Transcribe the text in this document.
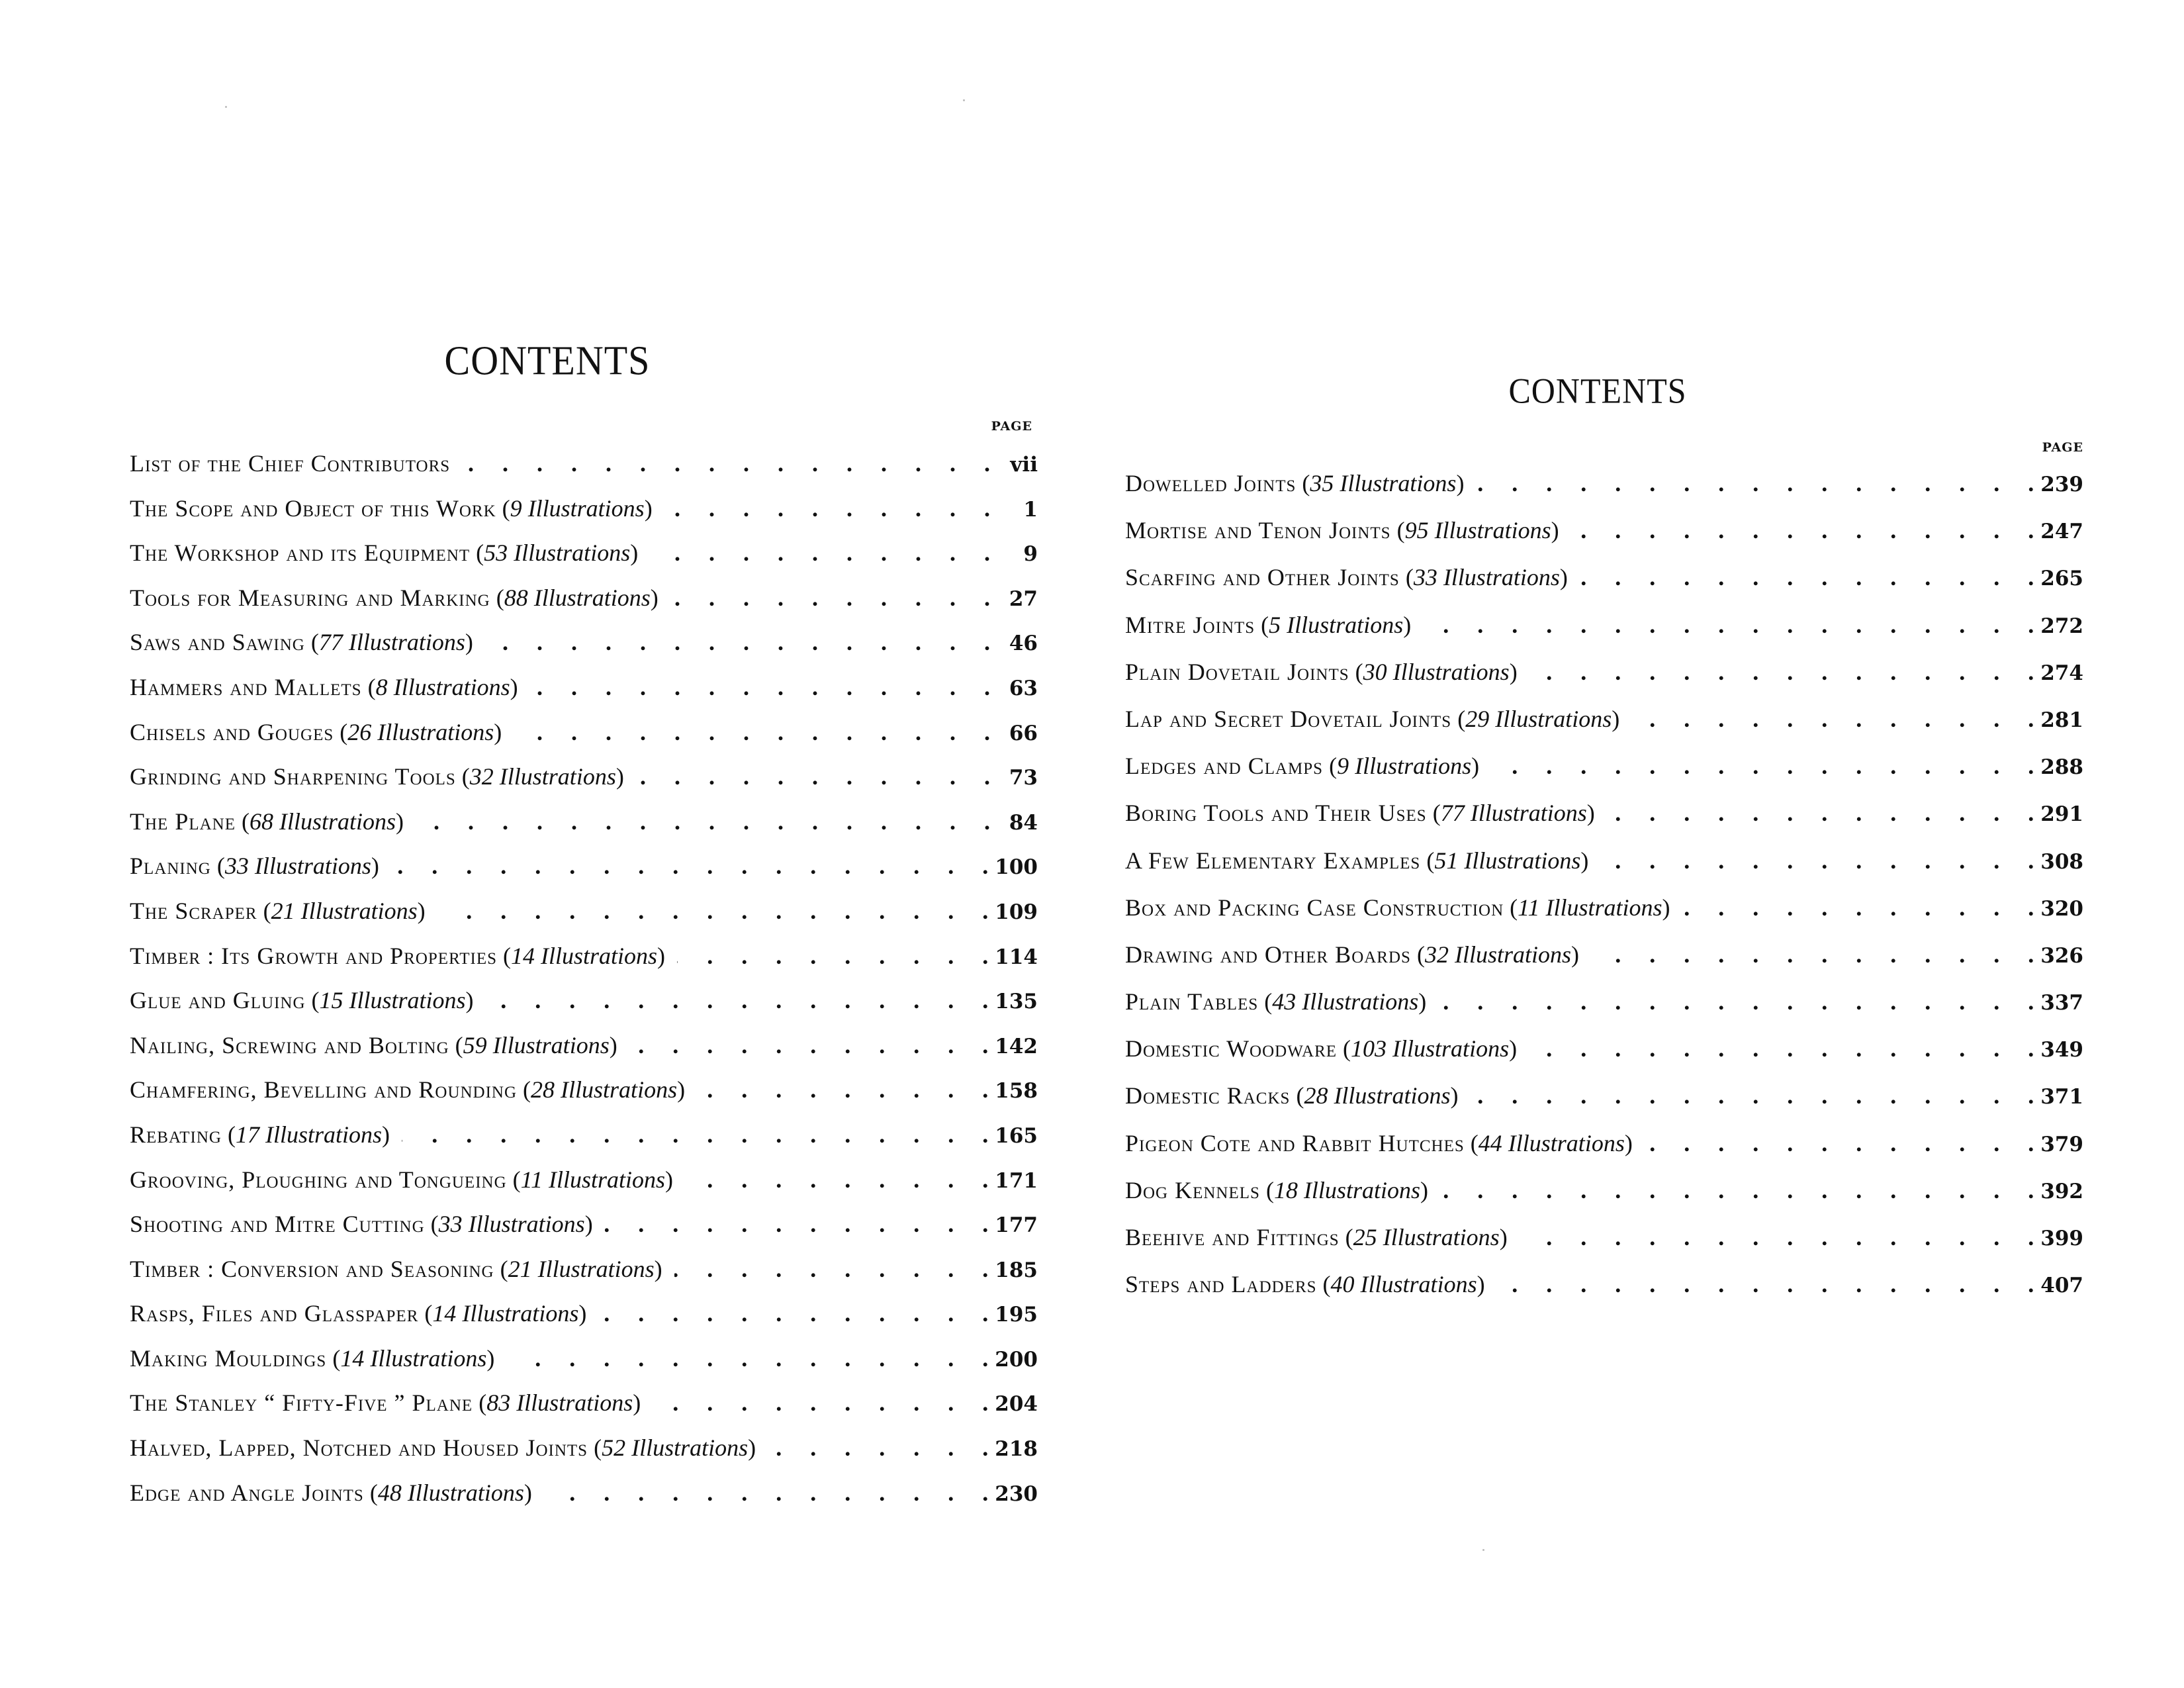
CONTENTS
PAGE
List of the Chief Contributors . . .	vii
The Scope and Object of this Work (9 Illustrations) . . .	1
The Workshop and its Equipment (53 Illustrations) . . .	9
Tools for Measuring and Marking (88 Illustrations) . . .	27
Saws and Sawing (77 Illustrations) . . .	46
Hammers and Mallets (8 Illustrations) . . .	63
Chisels and Gouges (26 Illustrations) . . .	66
Grinding and Sharpening Tools (32 Illustrations) . . .	73
The Plane (68 Illustrations) . . .	84
Planing (33 Illustrations) . . .	100
The Scraper (21 Illustrations) . . .	109
Timber : Its Growth and Properties (14 Illustrations) . . .	114
Glue and Gluing (15 Illustrations) . . .	135
Nailing, Screwing and Bolting (59 Illustrations) . . .	142
Chamfering, Bevelling and Rounding (28 Illustrations) . . .	158
Rebating (17 Illustrations) . . .	165
Grooving, Ploughing and Tongueing (11 Illustrations) . . .	171
Shooting and Mitre Cutting (33 Illustrations) . . .	177
Timber : Conversion and Seasoning (21 Illustrations) . . .	185
Rasps, Files and Glasspaper (14 Illustrations) . . .	195
Making Mouldings (14 Illustrations) . . .	200
The Stanley “ Fifty-Five ” Plane (83 Illustrations) . . .	204
Halved, Lapped, Notched and Housed Joints (52 Illustrations) . . .	218
Edge and Angle Joints (48 Illustrations) . . .	230
CONTENTS
PAGE
Dowelled Joints (35 Illustrations) . . .	239
Mortise and Tenon Joints (95 Illustrations) . . .	247
Scarfing and Other Joints (33 Illustrations) . . .	265
Mitre Joints (5 Illustrations) . . .	272
Plain Dovetail Joints (30 Illustrations) . . .	274
Lap and Secret Dovetail Joints (29 Illustrations) . . .	281
Ledges and Clamps (9 Illustrations) . . .	288
Boring Tools and Their Uses (77 Illustrations) . . .	291
A Few Elementary Examples (51 Illustrations) . . .	308
Box and Packing Case Construction (11 Illustrations) . . .	320
Drawing and Other Boards (32 Illustrations) . . .	326
Plain Tables (43 Illustrations) . . .	337
Domestic Woodware (103 Illustrations) . . .	349
Domestic Racks (28 Illustrations) . . .	371
Pigeon Cote and Rabbit Hutches (44 Illustrations) . . .	379
Dog Kennels (18 Illustrations) . . .	392
Beehive and Fittings (25 Illustrations) . . .	399
Steps and Ladders (40 Illustrations) . . .	407
